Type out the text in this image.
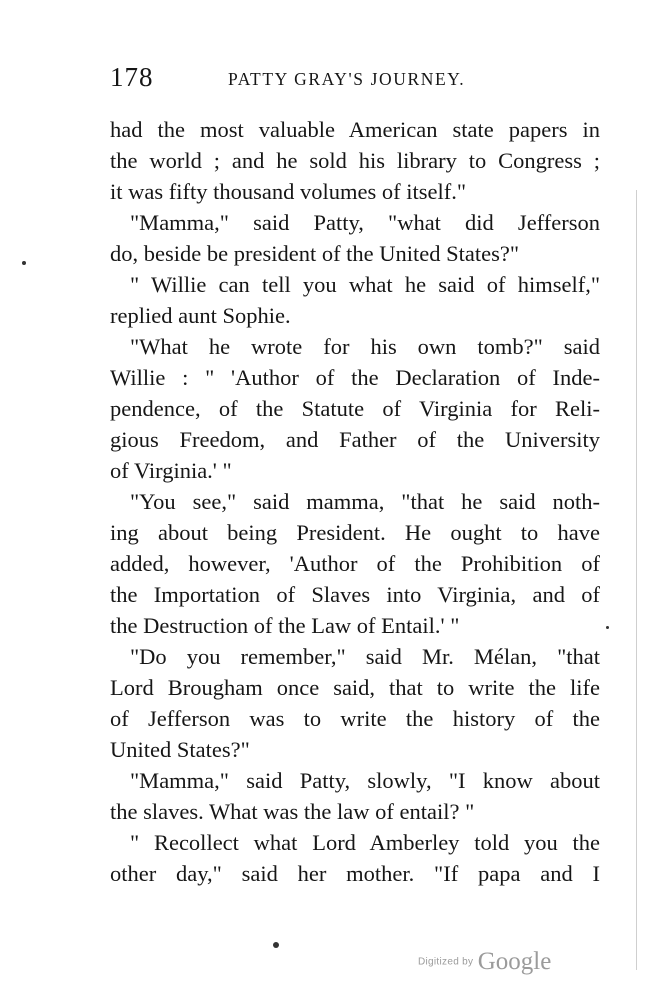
178	PATTY GRAY'S JOURNEY.
had the most valuable American state papers in
the world ; and he sold his library to Congress ;
it was fifty thousand volumes of itself."
"Mamma," said Patty, "what did Jefferson
do, beside be president of the United States?"
" Willie can tell you what he said of himself,"
replied aunt Sophie.
"What he wrote for his own tomb?" said
Willie : " 'Author of the Declaration of Inde-
pendence, of the Statute of Virginia for Reli-
gious Freedom, and Father of the University
of Virginia.' "
"You see," said mamma, "that he said noth-
ing about being President. He ought to have
added, however, 'Author of the Prohibition of
the Importation of Slaves into Virginia, and of
the Destruction of the Law of Entail.' "
"Do you remember," said Mr. Mélan, "that
Lord Brougham once said, that to write the life
of Jefferson was to write the history of the
United States?"
"Mamma," said Patty, slowly, "I know about
the slaves. What was the law of entail? "
" Recollect what Lord Amberley told you the
other day," said her mother. "If papa and I
Digitized by Google
